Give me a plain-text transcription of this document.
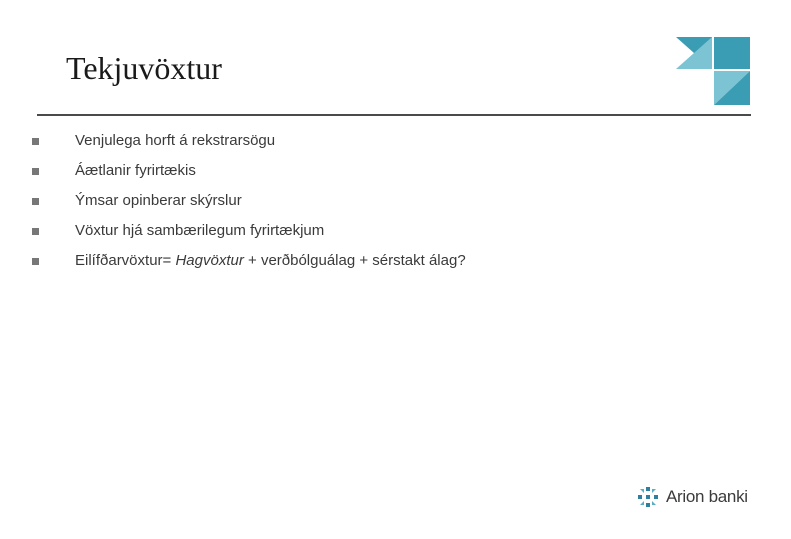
Tekjuvöxtur
Venjulega horft á rekstrarsögu
Áætlanir fyrirtækis
Ýmsar opinberar skýrslur
Vöxtur hjá sambærilegum fyrirtækjum
Eilífðarvöxtur= Hagvöxtur + verðbólguálag + sérstakt álag?
Arion banki
